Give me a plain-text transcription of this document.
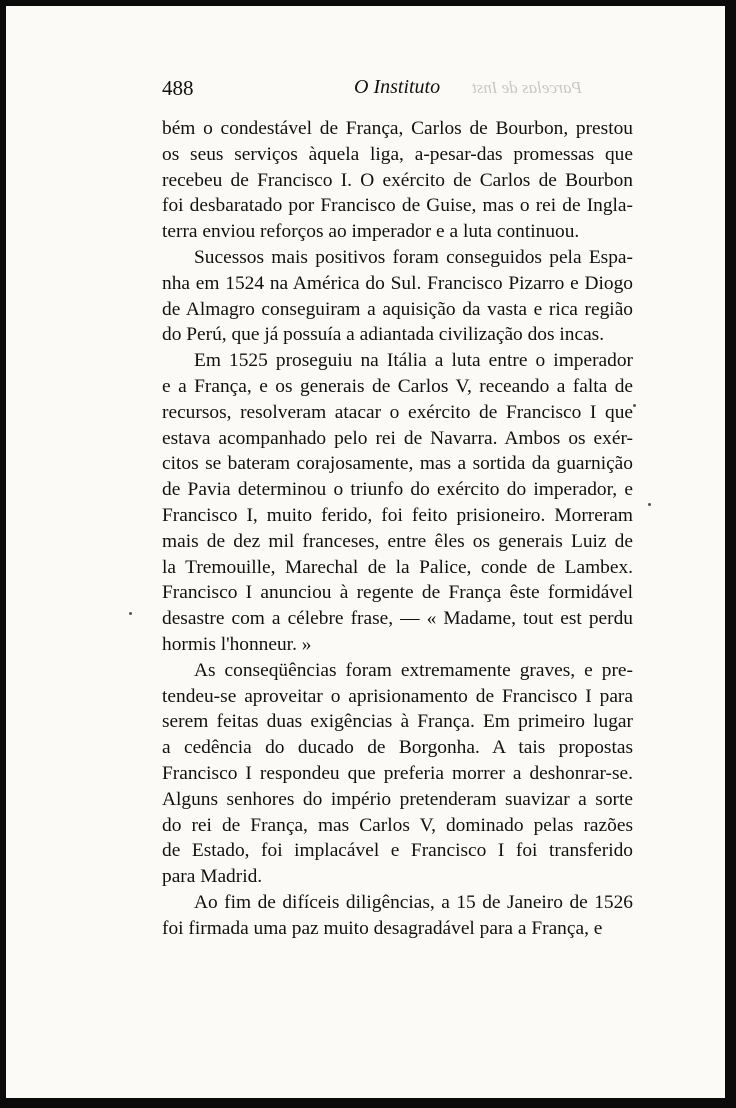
488	O Instituto Parcelas de Inst

bém o condestável de França, Carlos de Bourbon, prestou
os seus serviços àquela liga, a-pesar-das promessas que
recebeu de Francisco I. O exército de Carlos de Bourbon
foi desbaratado por Francisco de Guise, mas o rei de Ingla-
terra enviou reforços ao imperador e a luta continuou.

Sucessos mais positivos foram conseguidos pela Espa-
nha em 1524 na América do Sul. Francisco Pizarro e Diogo
de Almagro conseguiram a aquisição da vasta e rica região
do Perú, que já possuía a adiantada civilização dos incas.

Em 1525 proseguiu na Itália a luta entre o imperador
e a França, e os generais de Carlos V, receando a falta de
recursos, resolveram atacar o exército de Francisco I que
estava acompanhado pelo rei de Navarra. Ambos os exér-
citos se bateram corajosamente, mas a sortida da guarnição
de Pavia determinou o triunfo do exército do imperador, e
Francisco I, muito ferido, foi feito prisioneiro. Morreram
mais de dez mil franceses, entre êles os generais Luiz de
la Tremouille, Marechal de la Palice, conde de Lambex.
Francisco I anunciou à regente de França êste formidável
desastre com a célebre frase, — « Madame, tout est perdu
hormis l'honneur. »

As conseqüências foram extremamente graves, e pre-
tendeu-se aproveitar o aprisionamento de Francisco I para
serem feitas duas exigências à França. Em primeiro lugar
a cedência do ducado de Borgonha. A tais propostas
Francisco I respondeu que preferia morrer a deshonrar-se.
Alguns senhores do império pretenderam suavizar a sorte
do rei de França, mas Carlos V, dominado pelas razões
de Estado, foi implacável e Francisco I foi transferido
para Madrid.

Ao fim de difíceis diligências, a 15 de Janeiro de 1526
foi firmada uma paz muito desagradável para a França, e
